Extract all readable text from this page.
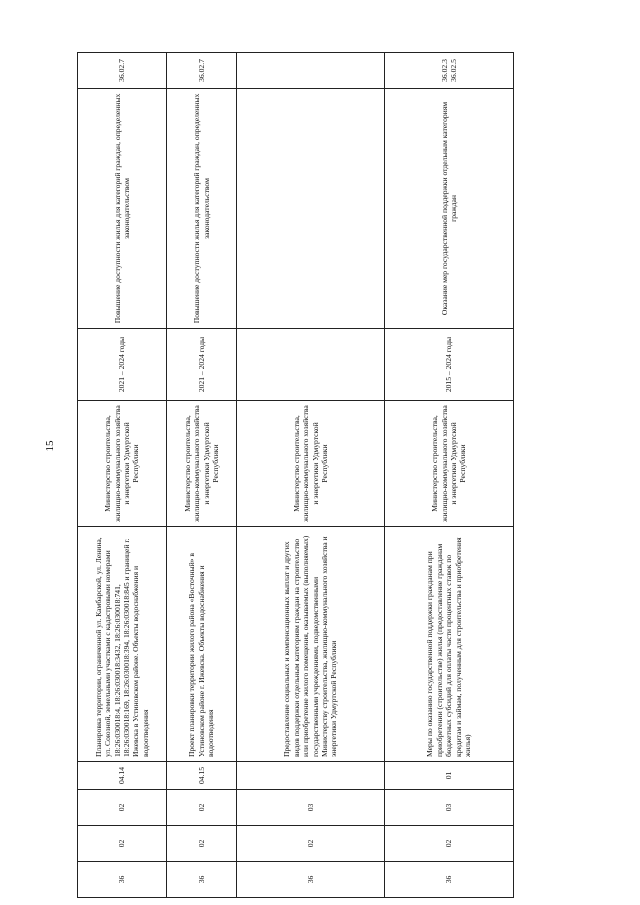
15
36	02	02	04.14	Планировка территории, ограниченной ул. Камбарской, ул. Ленина, ул. Союзной, земельными участками с кадастровыми номерами 18:26:030018:4, 18:26:030018:3432, 18:26:030018:741, 18:26:030018:169, 18:26:030018:394, 18:26:030018:845 и границей г. Ижевска в Устиновском районе. Объекты водоснабжения и водоотведения	Министерство строительства, жилищно-коммунального хозяйства и энергетики Удмуртской Республики	2021 – 2024 годы	Повышение доступности жилья для категорий граждан, определенных законодательством	36.02.7

36	02	02	04.15	Проект планировки территории жилого района «Восточный» в Устиновском районе г. Ижевска. Объекты водоснабжения и водоотведения	Министерство строительства, жилищно-коммунального хозяйства и энергетики Удмуртской Республики	2021 – 2024 годы	Повышение доступности жилья для категорий граждан, определенных законодательством	36.02.7

36	02	03		Предоставление социальных и компенсационных выплат и других видов поддержки отдельным категориям граждан на строительство или приобретение жилого помещения, оказываемых (выполняемых) государственными учреждениями, подведомственными Министерству строительства, жилищно-коммунального хозяйства и энергетики Удмуртской Республики	Министерство строительства, жилищно-коммунального хозяйства и энергетики Удмуртской Республики			
36	02	03	01	Меры по оказанию государственной поддержки гражданам при приобретении (строительстве) жилья (предоставление гражданам бюджетных субсидий для оплаты части процентных ставок по кредитам и займам, полученным для строительства и приобретения жилья)	Министерство строительства, жилищно-коммунального хозяйства и энергетики Удмуртской Республики	2015 – 2024 годы	Оказание мер государственной поддержки отдельным категориям граждан	36.02.3 36.02.5
